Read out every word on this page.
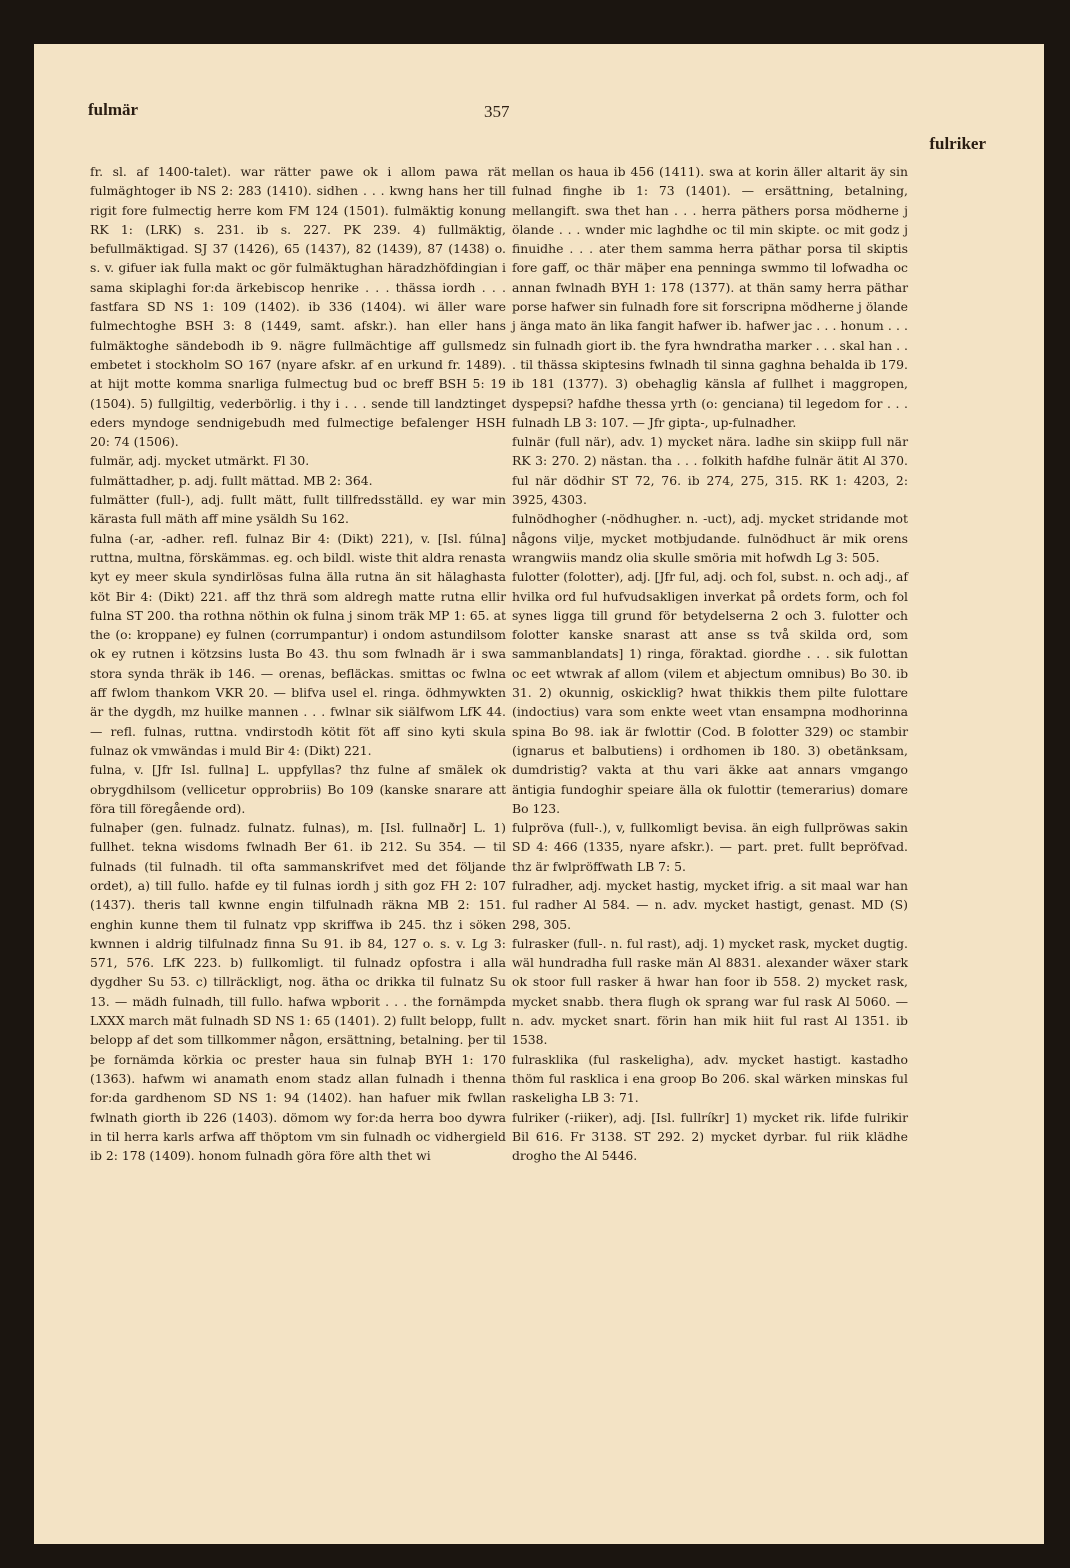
fulmär	357
fulriker

fr. sl. af 1400-talet). war rätter pawe ok i allom pawa rät fulmäghtoger ib NS 2: 283 (1410). sidhen . . . kwng hans her till rigit fore fulmectig herre kom FM 124 (1501). fulmäktig konung RK 1: (LRK) s. 231. ib s. 227. PK 239. 4) fullmäktig, befullmäktigad. SJ 37 (1426), 65 (1437), 82 (1439), 87 (1438) o. s. v. gifuer iak fulla makt oc gör fulmäktughan häradzhöfdingian i sama skiplaghi for:da ärkebiscop henrike . . . thässa iordh . . . fastfara SD NS 1: 109 (1402). ib 336 (1404). wi äller ware fulmechtoghe BSH 3: 8 (1449, samt. afskr.). han eller hans fulmäktoghe sändebodh ib 9. nägre fullmächtige aff gullsmedz embetet i stockholm SO 167 (nyare afskr. af en urkund fr. 1489). at hijt motte komma snarliga fulmectug bud oc breff BSH 5: 19 (1504). 5) fullgiltig, vederbörlig. i thy i . . . sende till landztinget eders myndoge sendnigebudh med fulmectige befalenger HSH 20: 74 (1506).

fulmär, adj. mycket utmärkt. Fl 30.

fulmättadher, p. adj. fullt mättad. MB 2: 364.

fulmätter (full-), adj. fullt mätt, fullt tillfredsställd. ey war min kärasta full mäth aff mine ysäldh Su 162.

fulna (-ar, -adher. refl. fulnaz Bir 4: (Dikt) 221), v. [Isl. fúlna] ruttna, multna, förskämmas. eg. och bildl. wiste thit aldra renasta kyt ey meer skula syndirlösas fulna älla rutna än sit hälaghasta köt Bir 4: (Dikt) 221. aff thz thrä som aldregh matte rutna ellir fulna ST 200. tha rothna nöthin ok fulna j sinom träk MP 1: 65. at the (o: kroppane) ey fulnen (corrumpantur) i ondom astundilsom ok ey rutnen i kötzsins lusta Bo 43. thu som fwlnadh är i swa stora synda thräk ib 146. — orenas, befläckas. smittas oc fwlna aff fwlom thankom VKR 20. — blifva usel el. ringa. ödhmywkten är the dygdh, mz huilke mannen . . . fwlnar sik siälfwom LfK 44. — refl. fulnas, ruttna. vndirstodh kötit föt aff sino kyti skula fulnaz ok vmwändas i muld Bir 4: (Dikt) 221.

fulna, v. [Jfr Isl. fullna] L. uppfyllas? thz fulne af smälek ok obrygdhilsom (vellicetur opprobriis) Bo 109 (kanske snarare att föra till föregående ord).

fulnaþer (gen. fulnadz. fulnatz. fulnas), m. [Isl. fullnaðr] L. 1) fullhet. tekna wisdoms fwlnadh Ber 61. ib 212. Su 354. — til fulnads (til fulnadh. til ofta sammanskrifvet med det följande ordet), a) till fullo. hafde ey til fulnas iordh j sith goz FH 2: 107 (1437). theris tall kwnne engin tilfulnadh räkna MB 2: 151. enghin kunne them til fulnatz vpp skriffwa ib 245. thz i söken kwnnen i aldrig tilfulnadz finna Su 91. ib 84, 127 o. s. v. Lg 3: 571, 576. LfK 223. b) fullkomligt. til fulnadz opfostra i alla dygdher Su 53. c) tillräckligt, nog. ätha oc drikka til fulnatz Su 13. — mädh fulnadh, till fullo. hafwa wpborit . . . the fornämpda LXXX march mät fulnadh SD NS 1: 65 (1401). 2) fullt belopp, fullt belopp af det som tillkommer någon, ersättning, betalning. þer til þe fornämda körkia oc prester haua sin fulnaþ BYH 1: 170 (1363). hafwm wi anamath enom stadz allan fulnadh i thenna for:da gardhenom SD NS 1: 94 (1402). han hafuer mik fwllan fwlnath giorth ib 226 (1403). dömom wy for:da herra boo dywra in til herra karls arfwa aff thöptom vm sin fulnadh oc vidhergield ib 2: 178 (1409). honom fulnadh göra före alth thet wi

mellan os haua ib 456 (1411). swa at korin äller altarit äy sin fulnad finghe ib 1: 73 (1401). — ersättning, betalning, mellangift. swa thet han . . . herra päthers porsa mödherne j ölande . . . wnder mic laghdhe oc til min skipte. oc mit godz j finuidhe . . . ater them samma herra päthar porsa til skiptis fore gaff, oc thär mäþer ena penninga swmmo til lofwadha oc annan fwlnadh BYH 1: 178 (1377). at thän samy herra päthar porse hafwer sin fulnadh fore sit forscripna mödherne j ölande j änga mato än lika fangit hafwer ib. hafwer jac . . . honum . . . sin fulnadh giort ib. the fyra hwndratha marker . . . skal han . . . til thässa skiptesins fwlnadh til sinna gaghna behalda ib 179. ib 181 (1377). 3) obehaglig känsla af fullhet i maggropen, dyspepsi? hafdhe thessa yrth (o: genciana) til legedom for . . . fulnadh LB 3: 107. — Jfr gipta-, up-fulnadher.

fulnär (full när), adv. 1) mycket nära. ladhe sin skiipp full när RK 3: 270. 2) nästan. tha . . . folkith hafdhe fulnär ätit Al 370. ful när dödhir ST 72, 76. ib 274, 275, 315. RK 1: 4203, 2: 3925, 4303.

fulnödhogher (-nödhugher. n. -uct), adj. mycket stridande mot någons vilje, mycket motbjudande. fulnödhuct är mik orens wrangwiis mandz olia skulle smöria mit hofwdh Lg 3: 505.

fulotter (folotter), adj. [Jfr ful, adj. och fol, subst. n. och adj., af hvilka ord ful hufvudsakligen inverkat på ordets form, och fol synes ligga till grund för betydelserna 2 och 3. fulotter och folotter kanske snarast att anse ss två skilda ord, som sammanblandats] 1) ringa, föraktad. giordhe . . . sik fulottan oc eet wtwrak af allom (vilem et abjectum omnibus) Bo 30. ib 31. 2) okunnig, oskicklig? hwat thikkis them pilte fulottare (indoctius) vara som enkte weet vtan ensampna modhorinna spina Bo 98. iak är fwlottir (Cod. B folotter 329) oc stambir (ignarus et balbutiens) i ordhomen ib 180. 3) obetänksam, dumdristig? vakta at thu vari äkke aat annars vmgango äntigia fundoghir speiare älla ok fulottir (temerarius) domare Bo 123.

fulpröva (full-.), v, fullkomligt bevisa. än eigh fullpröwas sakin SD 4: 466 (1335, nyare afskr.). — part. pret. fullt bepröfvad. thz är fwlpröffwath LB 7: 5.

fulradher, adj. mycket hastig, mycket ifrig. a sit maal war han ful radher Al 584. — n. adv. mycket hastigt, genast. MD (S) 298, 305.

fulrasker (full-. n. ful rast), adj. 1) mycket rask, mycket dugtig. wäl hundradha full raske män Al 8831. alexander wäxer stark ok stoor full rasker ä hwar han foor ib 558. 2) mycket rask, mycket snabb. thera flugh ok sprang war ful rask Al 5060. — n. adv. mycket snart. förin han mik hiit ful rast Al 1351. ib 1538.

fulrasklika (ful raskeligha), adv. mycket hastigt. kastadho thöm ful rasklica i ena groop Bo 206. skal wärken minskas ful raskeligha LB 3: 71.

fulriker (-riiker), adj. [Isl. fullríkr] 1) mycket rik. lifde fulrikir Bil 616. Fr 3138. ST 292. 2) mycket dyrbar. ful riik klädhe drogho the Al 5446.
